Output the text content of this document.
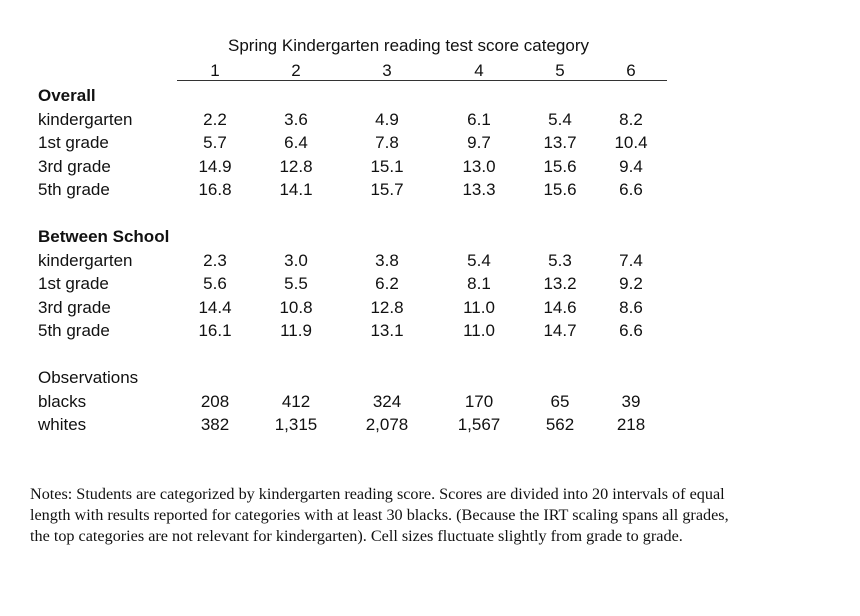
Spring Kindergarten reading test score category
1	2	3	4	5	6
Overall
kindergarten	2.2	3.6	4.9	6.1	5.4	8.2
1st grade	5.7	6.4	7.8	9.7	13.7	10.4
3rd grade	14.9	12.8	15.1	13.0	15.6	9.4
5th grade	16.8	14.1	15.7	13.3	15.6	6.6
Between School
kindergarten	2.3	3.0	3.8	5.4	5.3	7.4
1st grade	5.6	5.5	6.2	8.1	13.2	9.2
3rd grade	14.4	10.8	12.8	11.0	14.6	8.6
5th grade	16.1	11.9	13.1	11.0	14.7	6.6
Observations
blacks	208	412	324	170	65	39
whites	382	1,315	2,078	1,567	562	218

Notes: Students are categorized by kindergarten reading score. Scores are divided into 20 intervals of equal

length with results reported for categories with at least 30 blacks. (Because the IRT scaling spans all grades,

the top categories are not relevant for kindergarten). Cell sizes fluctuate slightly from grade to grade.
